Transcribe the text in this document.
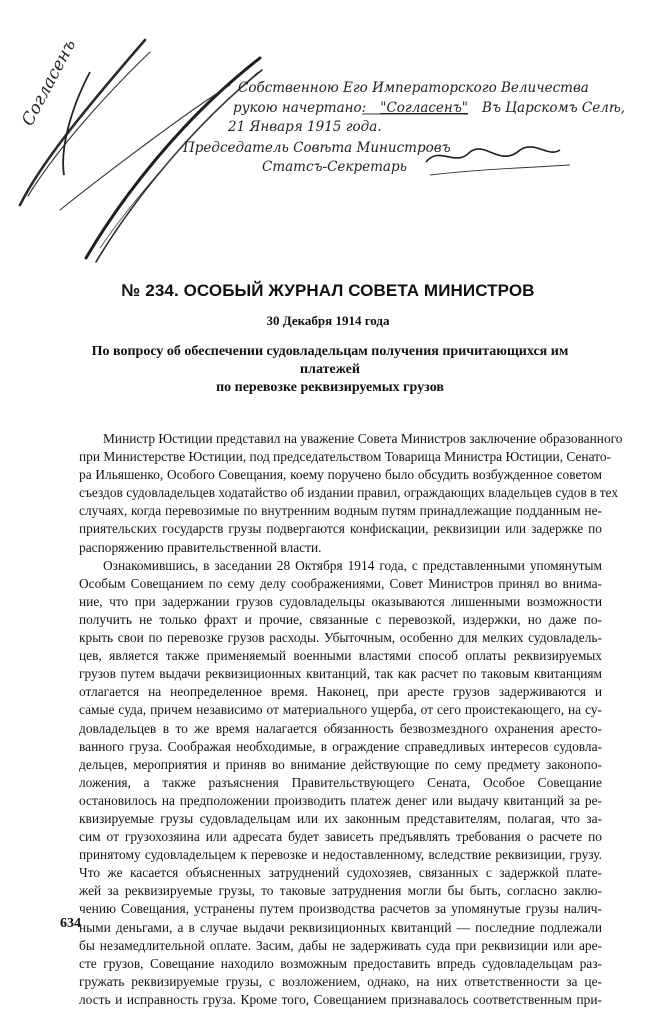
Согласенъ	Собственною Его Императорского Величества
рукою начертано: "Согласенъ" Въ Царскомъ Селѣ,
21 Января 1915 года.
Председатель Совѣта Министровъ
Статсъ-Секретарь
№ 234. ОСОБЫЙ ЖУРНАЛ СОВЕТА МИНИСТРОВ
30 Декабря 1914 года
По вопросу об обеспечении судовладельцам получения причитающихся им платежей
по перевозке реквизируемых грузов
Министр Юстиции представил на уважение Совета Министров заключение образованного
при Министерстве Юстиции, под председательством Товарища Министра Юстиции, Сенато-
ра Ильяшенко, Особого Совещания, коему поручено было обсудить возбужденное советом
съездов судовладельцев ходатайство об издании правил, ограждающих владельцев судов в тех
случаях, когда перевозимые по внутренним водным путям принадлежащие подданным не-
приятельских государств грузы подвергаются конфискации, реквизиции или задержке по
распоряжению правительственной власти.
Ознакомившись, в заседании 28 Октября 1914 года, с представленными упомянутым
Особым Совещанием по сему делу соображениями, Совет Министров принял во внима-
ние, что при задержании грузов судовладельцы оказываются лишенными возможности
получить не только фрахт и прочие, связанные с перевозкой, издержки, но даже по-
крыть свои по перевозке грузов расходы. Убыточным, особенно для мелких судовладель-
цев, является также применяемый военными властями способ оплаты реквизируемых
грузов путем выдачи реквизиционных квитанций, так как расчет по таковым квитанциям
отлагается на неопределенное время. Наконец, при аресте грузов задерживаются и
самые суда, причем независимо от материального ущерба, от сего проистекающего, на су-
довладельцев в то же время налагается обязанность безвозмездного охранения аресто-
ванного груза. Соображая необходимые, в ограждение справедливых интересов судовла-
дельцев, мероприятия и приняв во внимание действующие по сему предмету законопо-
ложения, а также разъяснения Правительствующего Сената, Особое Совещание
остановилось на предположении производить платеж денег или выдачу квитанций за ре-
квизируемые грузы судовладельцам или их законным представителям, полагая, что за-
сим от грузохозяина или адресата будет зависеть предъявлять требования о расчете по
принятому судовладельцем к перевозке и недоставленному, вследствие реквизиции, грузу.
Что же касается объясненных затруднений судохозяев, связанных с задержкой плате-
жей за реквизируемые грузы, то таковые затруднения могли бы быть, согласно заклю-
чению Совещания, устранены путем производства расчетов за упомянутые грузы налич-
ными деньгами, а в случае выдачи реквизиционных квитанций — последние подлежали
бы незамедлительной оплате. Засим, дабы не задерживать суда при реквизиции или аре-
сте грузов, Совещание находило возможным предоставить впредь судовладельцам раз-
гружать реквизируемые грузы, с возложением, однако, на них ответственности за це-
лость и исправность груза. Кроме того, Совещанием признавалось соответственным при-
634
